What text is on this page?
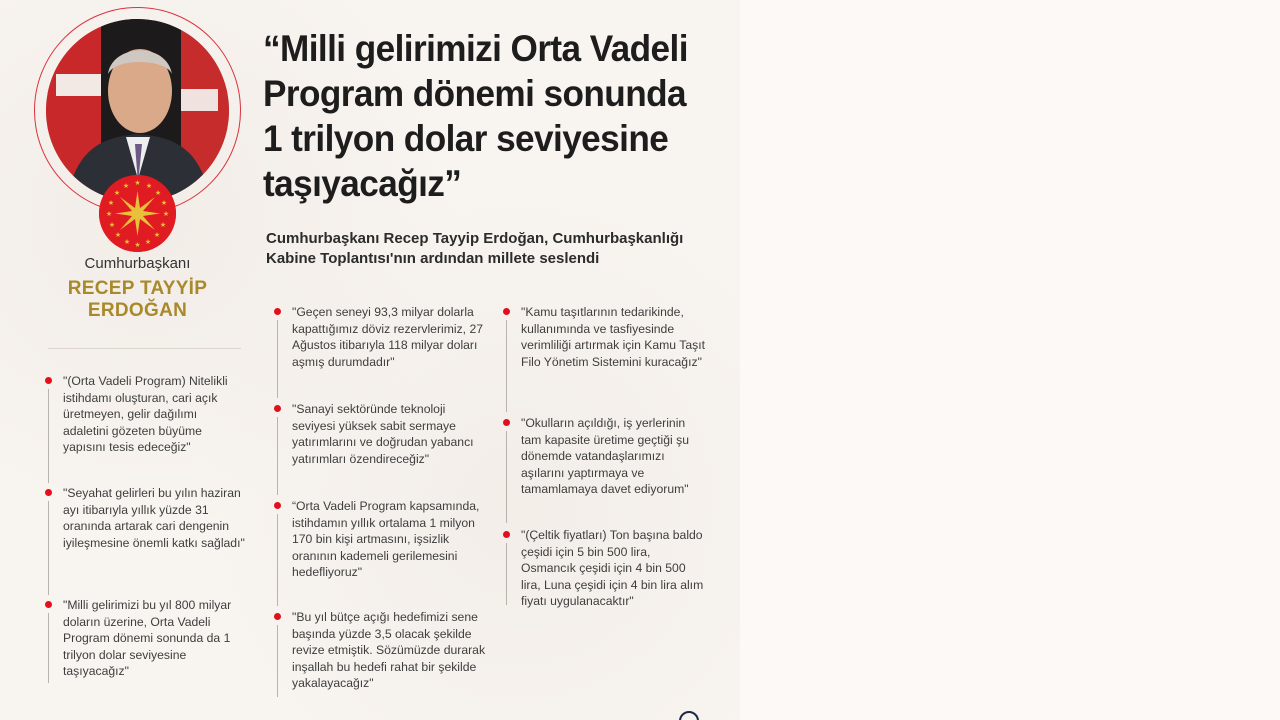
★ ★
★
★
★
★
★
★
★
★
★
★
★
★
★
★
Cumhurbaşkanı
RECEP TAYYİP
ERDOĞAN
“Milli gelirimizi Orta Vadeli Program dönemi sonunda 1 trilyon dolar seviyesine taşıyacağız”
Cumhurbaşkanı Recep Tayyip Erdoğan, Cumhurbaşkanlığı Kabine Toplantısı'nın ardından millete seslendi
"(Orta Vadeli Program) Nitelikli istihdamı oluşturan, cari açık üretmeyen, gelir dağılımı adaletini gözeten büyüme yapısını tesis edeceğiz"
"Seyahat gelirleri bu yılın haziran ayı itibarıyla yıllık yüzde 31 oranında artarak cari dengenin iyileşmesine önemli katkı sağladı"
"Milli gelirimizi bu yıl 800 milyar doların üzerine, Orta Vadeli Program dönemi sonunda da 1 trilyon dolar seviyesine taşıyacağız"
"Geçen seneyi 93,3 milyar dolarla kapattığımız döviz rezervlerimiz, 27 Ağustos itibarıyla 118 milyar doları aşmış durumdadır"
"Sanayi sektöründe teknoloji seviyesi yüksek sabit sermaye yatırımlarını ve doğrudan yabancı yatırımları özendireceğiz"
“Orta Vadeli Program kapsamında, istihdamın yıllık ortalama 1 milyon 170 bin kişi artmasını, işsizlik oranının kademeli gerilemesini hedefliyoruz"
"Bu yıl bütçe açığı hedefimizi sene başında yüzde 3,5 olacak şekilde revize etmiştik. Sözümüzde durarak inşallah bu hedefi rahat bir şekilde yakalayacağız"
"Kamu taşıtlarının tedarikinde, kullanımında ve tasfiyesinde verimliliği artırmak için Kamu Taşıt Filo Yönetim Sistemini kuracağız"
"Okulların açıldığı, iş yerlerinin tam kapasite üretime geçtiği şu dönemde vatandaşlarımızı aşılarını yaptırmaya ve tamamlamaya davet ediyorum"
"(Çeltik fiyatları) Ton başına baldo çeşidi için 5 bin 500 lira, Osmancık çeşidi için 4 bin 500 lira, Luna çeşidi için 4 bin lira alım fiyatı uygulanacaktır"
